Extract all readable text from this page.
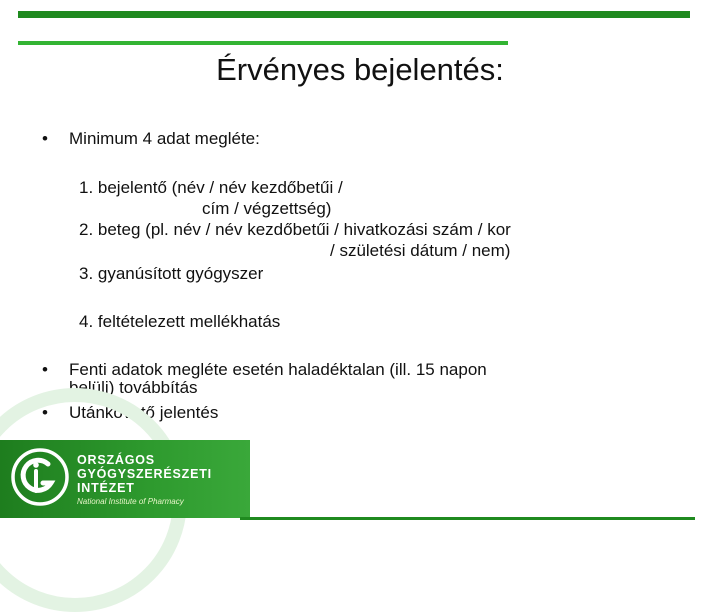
Érvényes bejelentés:
•	Minimum 4 adat megléte:
1. bejelentő (név / név kezdőbetűi /
cím / végzettség)
2. beteg (pl. név / név kezdőbetűi / hivatkozási szám / kor
/ születési dátum / nem)
3. gyanúsított gyógyszer
4. feltételezett mellékhatás
•	Fenti adatok megléte esetén haladéktalan (ill. 15 napon
belüli) továbbítás
•	Utánkövető jelentés
ORSZÁGOS
GYÓGYSZERÉSZETI
INTÉZET
National Institute of Pharmacy
